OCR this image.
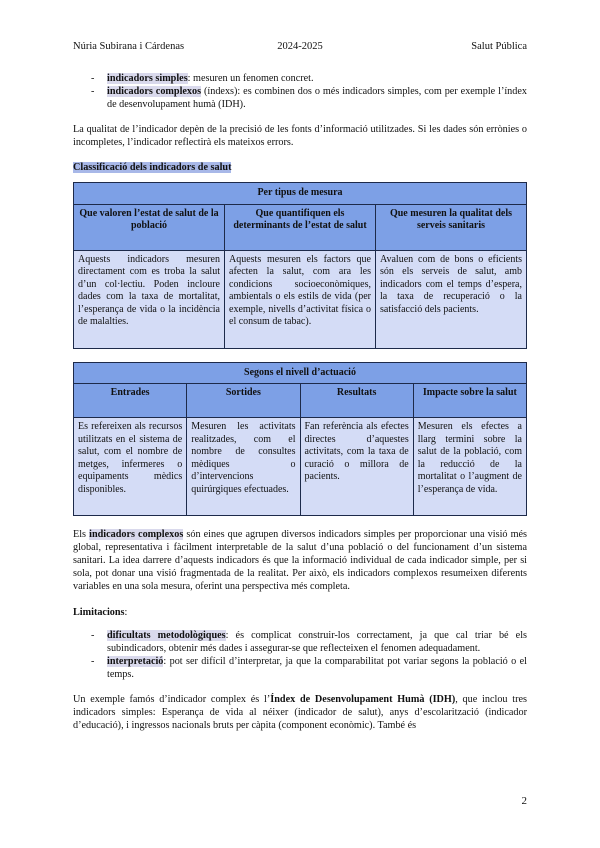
Núria Subirana i Cárdenas	2024-2025	Salut Pública
- indicadors simples: mesuren un fenomen concret.
- indicadors complexos (índexs): es combinen dos o més indicadors simples, com per exemple l’índex de desenvolupament humà (IDH).

La qualitat de l’indicador depèn de la precisió de les fonts d’informació utilitzades. Si les dades són errònies o incompletes, l’indicador reflectirà els mateixos errors.

Classificació dels indicadors de salut

Per tipus de mesura		
Que valoren l’estat de salut de la població	Que quantifiquen els determinants de l’estat de salut	Que mesuren la qualitat dels serveis sanitaris
Aquests indicadors mesuren directament com es troba la salut d’un col·lectiu. Poden incloure dades com la taxa de mortalitat, l’esperança de vida o la incidència de malalties.	Aquests mesuren els factors que afecten la salut, com ara les condicions socioeconòmiques, ambientals o els estils de vida (per exemple, nivells d’activitat física o el consum de tabac).	Avaluen com de bons o eficients són els serveis de salut, amb indicadors com el temps d’espera, la taxa de recuperació o la satisfacció dels pacients.
Segons el nivell d’actuació			
Entrades	Sortides	Resultats	Impacte sobre la salut
Es refereixen als recursos utilitzats en el sistema de salut, com el nombre de metges, infermeres o equipaments mèdics disponibles.	Mesuren les activitats realitzades, com el nombre de consultes mèdiques o d’intervencions quirúrgiques efectuades.	Fan referència als efectes directes d’aquestes activitats, com la taxa de curació o millora de pacients.	Mesuren els efectes a llarg termini sobre la salut de la població, com la reducció de la mortalitat o l’augment de l’esperança de vida.

Els indicadors complexos són eines que agrupen diversos indicadors simples per proporcionar una visió més global, representativa i fàcilment interpretable de la salut d’una població o del funcionament d’un sistema sanitari. La idea darrere d’aquests indicadors és que la informació individual de cada indicador simple, per si sola, pot donar una visió fragmentada de la realitat. Per això, els indicadors complexos resumeixen diferents variables en una sola mesura, oferint una perspectiva més completa.

Limitacions:

- dificultats metodològiques: és complicat construir-los correctament, ja que cal triar bé els subindicadors, obtenir més dades i assegurar-se que reflecteixen el fenomen adequadament.
- interpretació: pot ser difícil d’interpretar, ja que la comparabilitat pot variar segons la població o el temps.

Un exemple famós d’indicador complex és l’Índex de Desenvolupament Humà (IDH), que inclou tres indicadors simples: Esperança de vida al néixer (indicador de salut), anys d’escolarització (indicador d’educació), i ingressos nacionals bruts per càpita (component econòmic). També és

2
